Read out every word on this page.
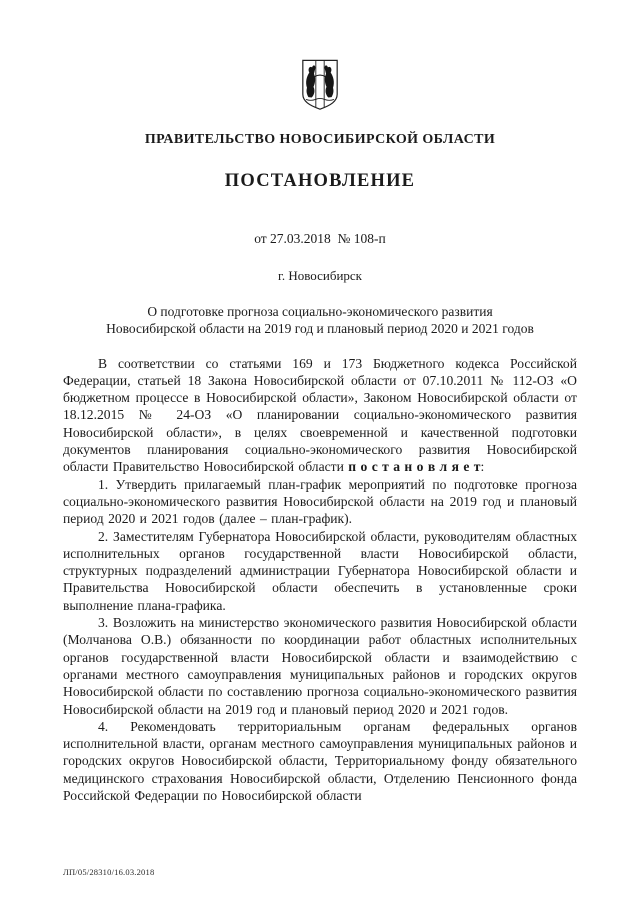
ПРАВИТЕЛЬСТВО НОВОСИБИРСКОЙ ОБЛАСТИ
ПОСТАНОВЛЕНИЕ
от 27.03.2018  № 108-п
г. Новосибирск
О подготовке прогноза социально-экономического развития
Новосибирской области на 2019 год и плановый период 2020 и 2021 годов

В соответствии со статьями 169 и 173 Бюджетного кодекса Российской Федерации, статьей 18 Закона Новосибирской области от 07.10.2011 № 112-ОЗ «О бюджетном процессе в Новосибирской области», Законом Новосибирской области от 18.12.2015 № 24-ОЗ «О планировании социально-экономического развития Новосибирской области», в целях своевременной и качественной подготовки документов планирования социально-экономического развития Новосибирской области Правительство Новосибирской области п о с т а н о в л я е т:

1. Утвердить прилагаемый план-график мероприятий по подготовке прогноза социально-экономического развития Новосибирской области на 2019 год и плановый период 2020 и 2021 годов (далее – план-график).

2. Заместителям Губернатора Новосибирской области, руководителям областных исполнительных органов государственной власти Новосибирской области, структурных подразделений администрации Губернатора Новосибирской области и Правительства Новосибирской области обеспечить в установленные сроки выполнение плана-графика.

3. Возложить на министерство экономического развития Новосибирской области (Молчанова О.В.) обязанности по координации работ областных исполнительных органов государственной власти Новосибирской области и взаимодействию с органами местного самоуправления муниципальных районов и городских округов Новосибирской области по составлению прогноза социально-экономического развития Новосибирской области на 2019 год и плановый период 2020 и 2021 годов.

4. Рекомендовать территориальным органам федеральных органов исполнительной власти, органам местного самоуправления муниципальных районов и городских округов Новосибирской области, Территориальному фонду обязательного медицинского страхования Новосибирской области, Отделению Пенсионного фонда Российской Федерации по Новосибирской области

ЛП/05/28310/16.03.2018
